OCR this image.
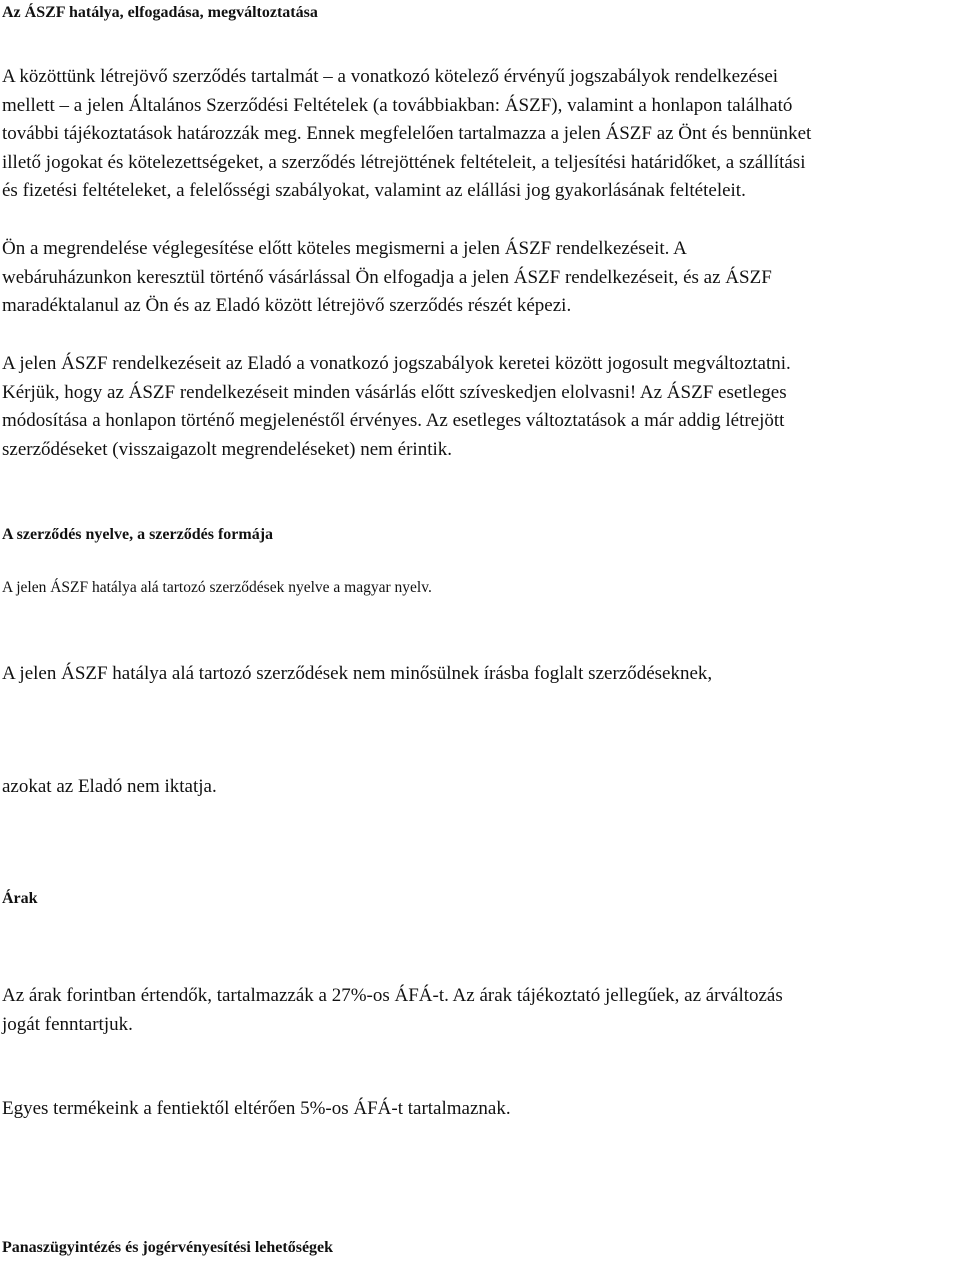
Az ÁSZF hatálya, elfogadása, megváltoztatása

A közöttünk létrejövő szerződés tartalmát – a vonatkozó kötelező érvényű jogszabályok rendelkezései
mellett – a jelen Általános Szerződési Feltételek (a továbbiakban: ÁSZF), valamint a honlapon található
további tájékoztatások határozzák meg. Ennek megfelelően tartalmazza a jelen ÁSZF az Önt és bennünket
illető jogokat és kötelezettségeket, a szerződés létrejöttének feltételeit, a teljesítési határidőket, a szállítási
és fizetési feltételeket, a felelősségi szabályokat, valamint az elállási jog gyakorlásának feltételeit.

Ön a megrendelése véglegesítése előtt köteles megismerni a jelen ÁSZF rendelkezéseit. A
webáruházunkon keresztül történő vásárlással Ön elfogadja a jelen ÁSZF rendelkezéseit, és az ÁSZF
maradéktalanul az Ön és az Eladó között létrejövő szerződés részét képezi.

A jelen ÁSZF rendelkezéseit az Eladó a vonatkozó jogszabályok keretei között jogosult megváltoztatni.
Kérjük, hogy az ÁSZF rendelkezéseit minden vásárlás előtt szíveskedjen elolvasni! Az ÁSZF esetleges
módosítása a honlapon történő megjelenéstől érvényes. Az esetleges változtatások a már addig létrejött
szerződéseket (visszaigazolt megrendeléseket) nem érintik.

A szerződés nyelve, a szerződés formája

A jelen ÁSZF hatálya alá tartozó szerződések nyelve a magyar nyelv.

A jelen ÁSZF hatálya alá tartozó szerződések nem minősülnek írásba foglalt szerződéseknek,

azokat az Eladó nem iktatja.

Árak

Az árak forintban értendők, tartalmazzák a 27%-os ÁFÁ-t. Az árak tájékoztató jellegűek, az árváltozás
jogát fenntartjuk.

Egyes termékeink a fentiektől eltérően 5%-os ÁFÁ-t tartalmaznak.

Panaszügyintézés és jogérvényesítési lehetőségek
